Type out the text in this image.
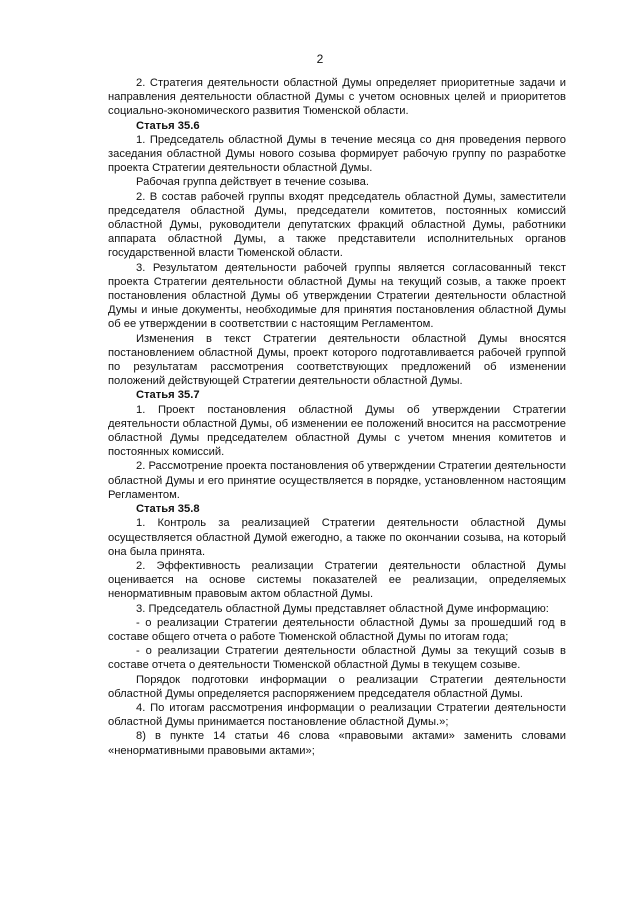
2

2. Стратегия деятельности областной Думы определяет приоритетные задачи и направления деятельности областной Думы с учетом основных целей и приоритетов социально-экономического развития Тюменской области.

Статья 35.6

1. Председатель областной Думы в течение месяца со дня проведения первого заседания областной Думы нового созыва формирует рабочую группу по разработке проекта Стратегии деятельности областной Думы.

Рабочая группа действует в течение созыва.

2. В состав рабочей группы входят председатель областной Думы, заместители председателя областной Думы, председатели комитетов, постоянных комиссий областной Думы, руководители депутатских фракций областной Думы, работники аппарата областной Думы, а также представители исполнительных органов государственной власти Тюменской области.

3. Результатом деятельности рабочей группы является согласованный текст проекта Стратегии деятельности областной Думы на текущий созыв, а также проект постановления областной Думы об утверждении Стратегии деятельности областной Думы и иные документы, необходимые для принятия постановления областной Думы об ее утверждении в соответствии с настоящим Регламентом.

Изменения в текст Стратегии деятельности областной Думы вносятся постановлением областной Думы, проект которого подготавливается рабочей группой по результатам рассмотрения соответствующих предложений об изменении положений действующей Стратегии деятельности областной Думы.

Статья 35.7

1. Проект постановления областной Думы об утверждении Стратегии деятельности областной Думы, об изменении ее положений вносится на рассмотрение областной Думы председателем областной Думы с учетом мнения комитетов и постоянных комиссий.

2. Рассмотрение проекта постановления об утверждении Стратегии деятельности областной Думы и его принятие осуществляется в порядке, установленном настоящим Регламентом.

Статья 35.8

1. Контроль за реализацией Стратегии деятельности областной Думы осуществляется областной Думой ежегодно, а также по окончании созыва, на который она была принята.

2. Эффективность реализации Стратегии деятельности областной Думы оценивается на основе системы показателей ее реализации, определяемых ненормативным правовым актом областной Думы.

3. Председатель областной Думы представляет областной Думе информацию:

- о реализации Стратегии деятельности областной Думы за прошедший год в составе общего отчета о работе Тюменской областной Думы по итогам года;

- о реализации Стратегии деятельности областной Думы за текущий созыв в составе отчета о деятельности Тюменской областной Думы в текущем созыве.

Порядок подготовки информации о реализации Стратегии деятельности областной Думы определяется распоряжением председателя областной Думы.

4. По итогам рассмотрения информации о реализации Стратегии деятельности областной Думы принимается постановление областной Думы.»;

8) в пункте 14 статьи 46 слова «правовыми актами» заменить словами «ненормативными правовыми актами»;
